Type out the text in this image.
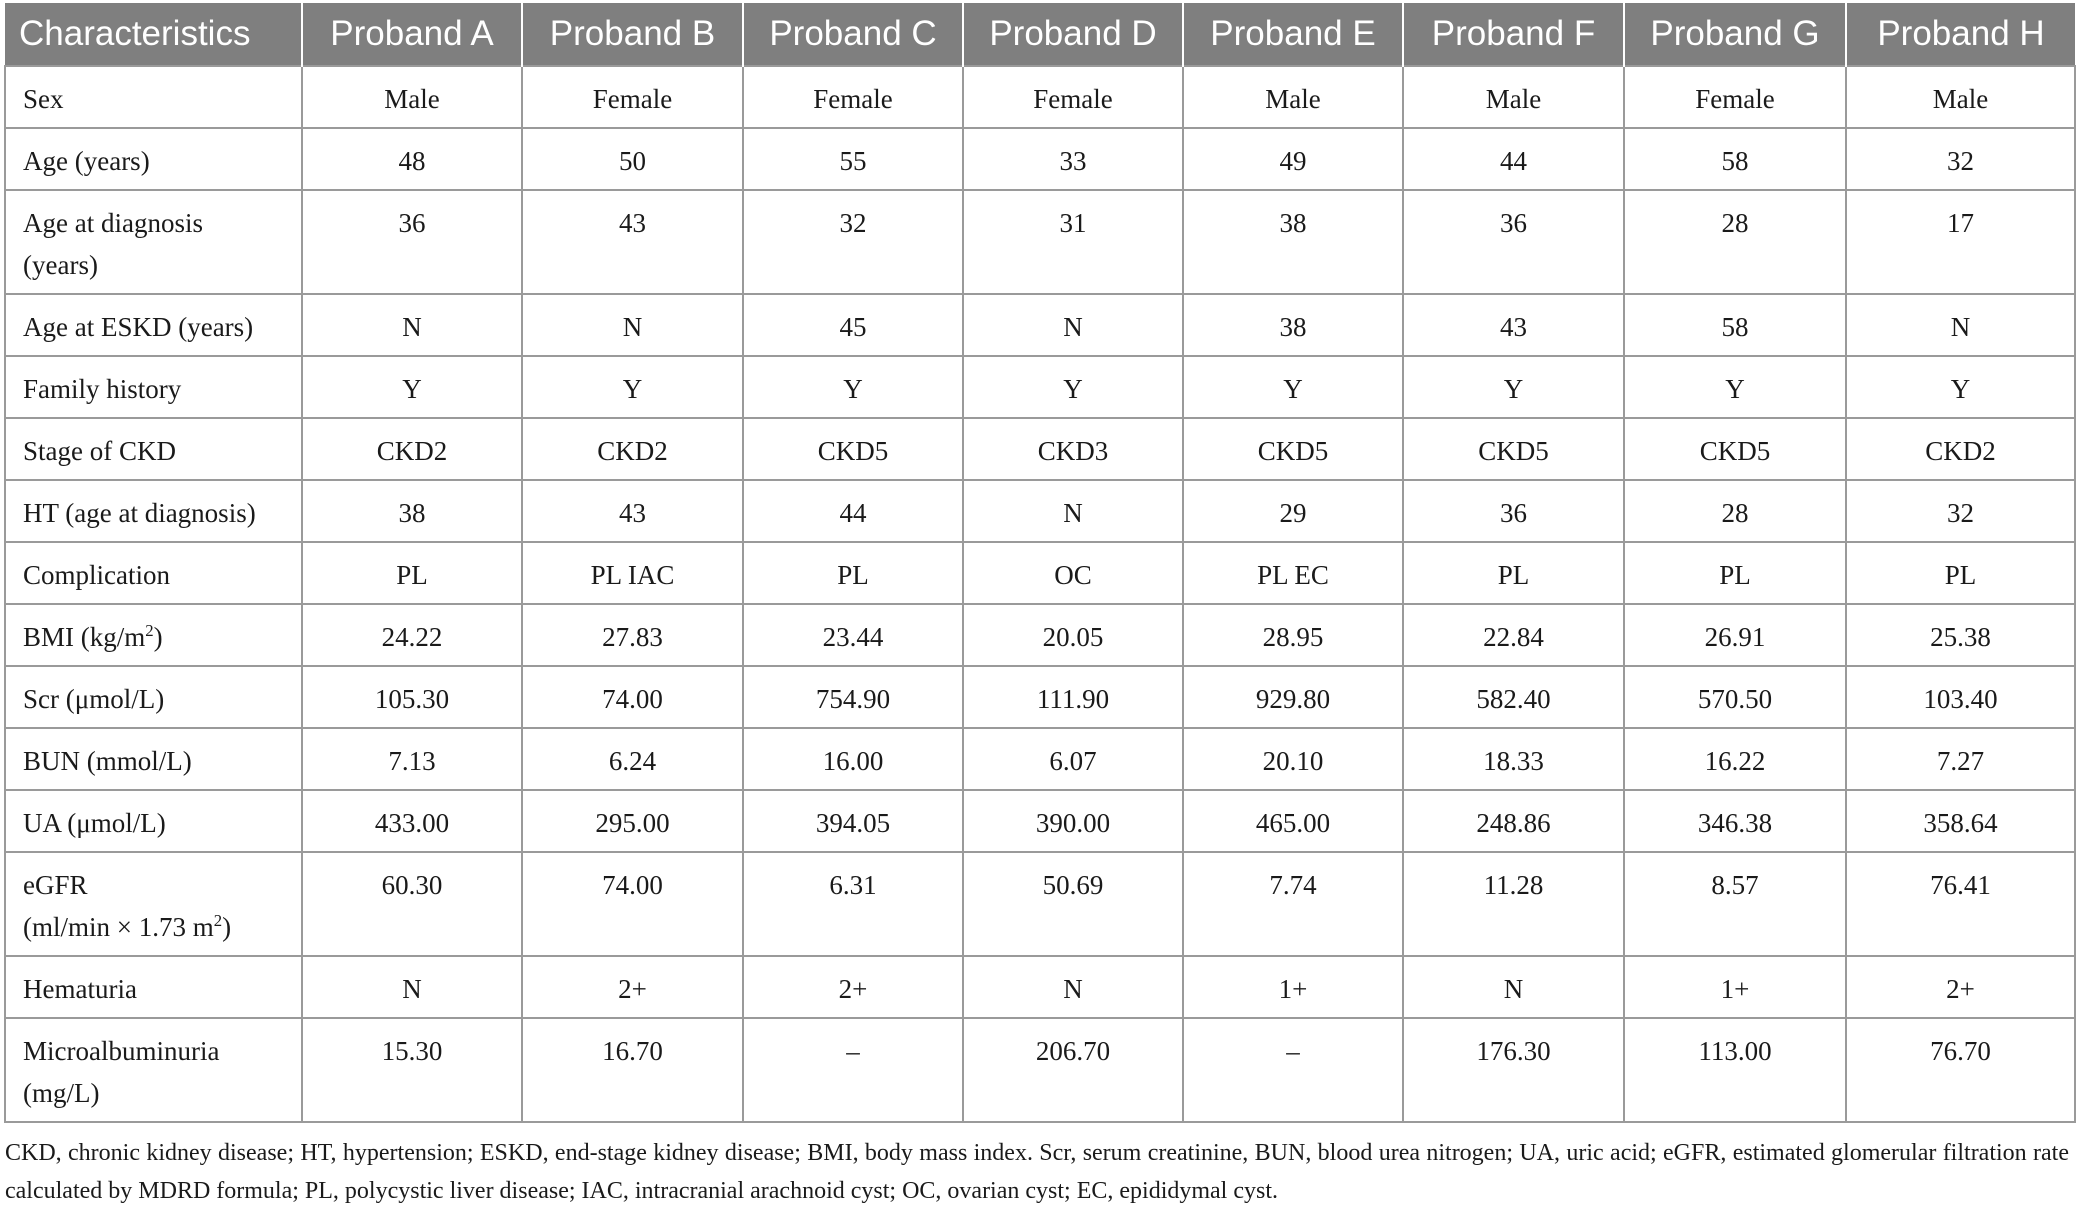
Characteristics	Proband A	Proband B	Proband C	Proband D	Proband E	Proband F	Proband G	Proband H
Sex	Male	Female	Female	Female	Male	Male	Female	Male
Age (years)	48	50	55	33	49	44	58	32
Age at diagnosis
(years)	36	43	32	31	38	36	28	17
Age at ESKD (years)	N	N	45	N	38	43	58	N
Family history	Y	Y	Y	Y	Y	Y	Y	Y
Stage of CKD	CKD2	CKD2	CKD5	CKD3	CKD5	CKD5	CKD5	CKD2
HT (age at diagnosis)	38	43	44	N	29	36	28	32
Complication	PL	PL IAC	PL	OC	PL EC	PL	PL	PL
BMI $(kg/m^2)$	24.22	27.83	23.44	20.05	28.95	22.84	26.91	25.38
Scr (μmol/L)	105.30	74.00	754.90	111.90	929.80	582.40	570.50	103.40
BUN (mmol/L)	7.13	6.24	16.00	6.07	20.10	18.33	16.22	7.27
UA (μmol/L)	433.00	295.00	394.05	390.00	465.00	248.86	346.38	358.64
eGFR
(ml/min × 1.73 $m^2$)	60.30	74.00	6.31	50.69	7.74	11.28	8.57	76.41
Hematuria	N	2+	2+	N	1+	N	1+	2+
Microalbuminuria
(mg/L)	15.30	16.70	–	206.70	–	176.30	113.00	76.70
CKD, chronic kidney disease; HT, hypertension; ESKD, end-stage kidney disease; BMI, body mass index. Scr, serum creatinine, BUN, blood urea nitrogen; UA, uric acid; eGFR, estimated glomerular filtration rate calculated by MDRD formula; PL, polycystic liver disease; IAC, intracranial arachnoid cyst; OC, ovarian cyst; EC, epididymal cyst.
